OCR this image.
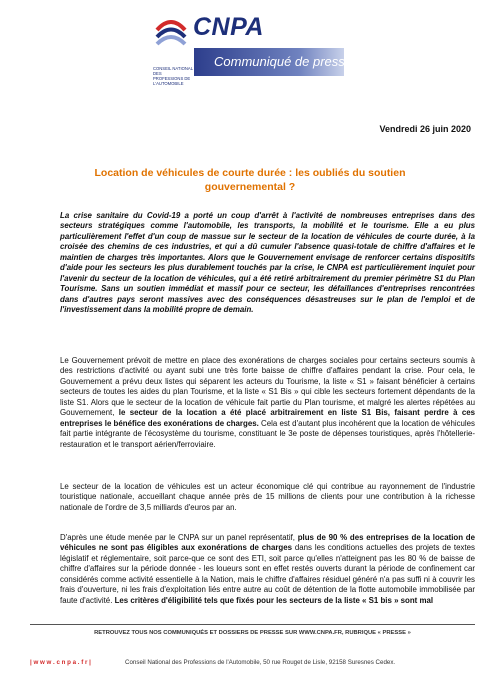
CNPA
CONSEIL NATIONAL DES PROFESSIONS DE L'AUTOMOBILE
Communiqué de presse
Vendredi 26 juin 2020
Location de véhicules de courte durée : les oubliés du soutien gouvernemental ?

La crise sanitaire du Covid-19 a porté un coup d'arrêt à l'activité de nombreuses entreprises dans des secteurs stratégiques comme l'automobile, les transports, la mobilité et le tourisme. Elle a eu plus particulièrement l'effet d'un coup de massue sur le secteur de la location de véhicules de courte durée, à la croisée des chemins de ces industries, et qui a dû cumuler l'absence quasi-totale de chiffre d'affaires et le maintien de charges très importantes. Alors que le Gouvernement envisage de renforcer certains dispositifs d'aide pour les secteurs les plus durablement touchés par la crise, le CNPA est particulièrement inquiet pour l'avenir du secteur de la location de véhicules, qui a été retiré arbitrairement du premier périmètre S1 du Plan Tourisme. Sans un soutien immédiat et massif pour ce secteur, les défaillances d'entreprises rencontrées dans d'autres pays seront massives avec des conséquences désastreuses sur le plan de l'emploi et de l'investissement dans la mobilité propre de demain.

Le Gouvernement prévoit de mettre en place des exonérations de charges sociales pour certains secteurs soumis à des restrictions d'activité ou ayant subi une très forte baisse de chiffre d'affaires pendant la crise. Pour cela, le Gouvernement a prévu deux listes qui séparent les acteurs du Tourisme, la liste « S1 » faisant bénéficier à certains secteurs de toutes les aides du plan Tourisme, et la liste « S1 Bis » qui cible les secteurs fortement dépendants de la liste S1. Alors que le secteur de la location de véhicule fait partie du Plan tourisme, et malgré les alertes répétées au Gouvernement, le secteur de la location a été placé arbitrairement en liste S1 Bis, faisant perdre à ces entreprises le bénéfice des exonérations de charges. Cela est d'autant plus incohérent que la location de véhicules fait partie intégrante de l'écosystème du tourisme, constituant le 3e poste de dépenses touristiques, après l'hôtellerie-restauration et le transport aérien/ferroviaire.

Le secteur de la location de véhicules est un acteur économique clé qui contribue au rayonnement de l'industrie touristique nationale, accueillant chaque année près de 15 millions de clients pour une contribution à la richesse nationale de l'ordre de 3,5 milliards d'euros par an.

D'après une étude menée par le CNPA sur un panel représentatif, plus de 90 % des entreprises de la location de véhicules ne sont pas éligibles aux exonérations de charges dans les conditions actuelles des projets de textes législatif et réglementaire, soit parce-que ce sont des ETI, soit parce qu'elles n'atteignent pas les 80 % de baisse de chiffre d'affaires sur la période donnée - les loueurs sont en effet restés ouverts durant la période de confinement car considérés comme activité essentielle à la Nation, mais le chiffre d'affaires résiduel généré n'a pas suffi ni à couvrir les frais d'ouverture, ni les frais d'exploitation liés entre autre au coût de détention de la flotte automobile immobilisée par faute d'activité. Les critères d'éligibilité tels que fixés pour les secteurs de la liste « S1 bis » sont mal

RETROUVEZ TOUS NOS COMMUNIQUÉS ET DOSSIERS DE PRESSE SUR WWW.CNPA.FR, RUBRIQUE « PRESSE »
| w w w . c n p a . f r |	Conseil National des Professions de l'Automobile, 50 rue Rouget de Lisle, 92158 Suresnes Cedex.
